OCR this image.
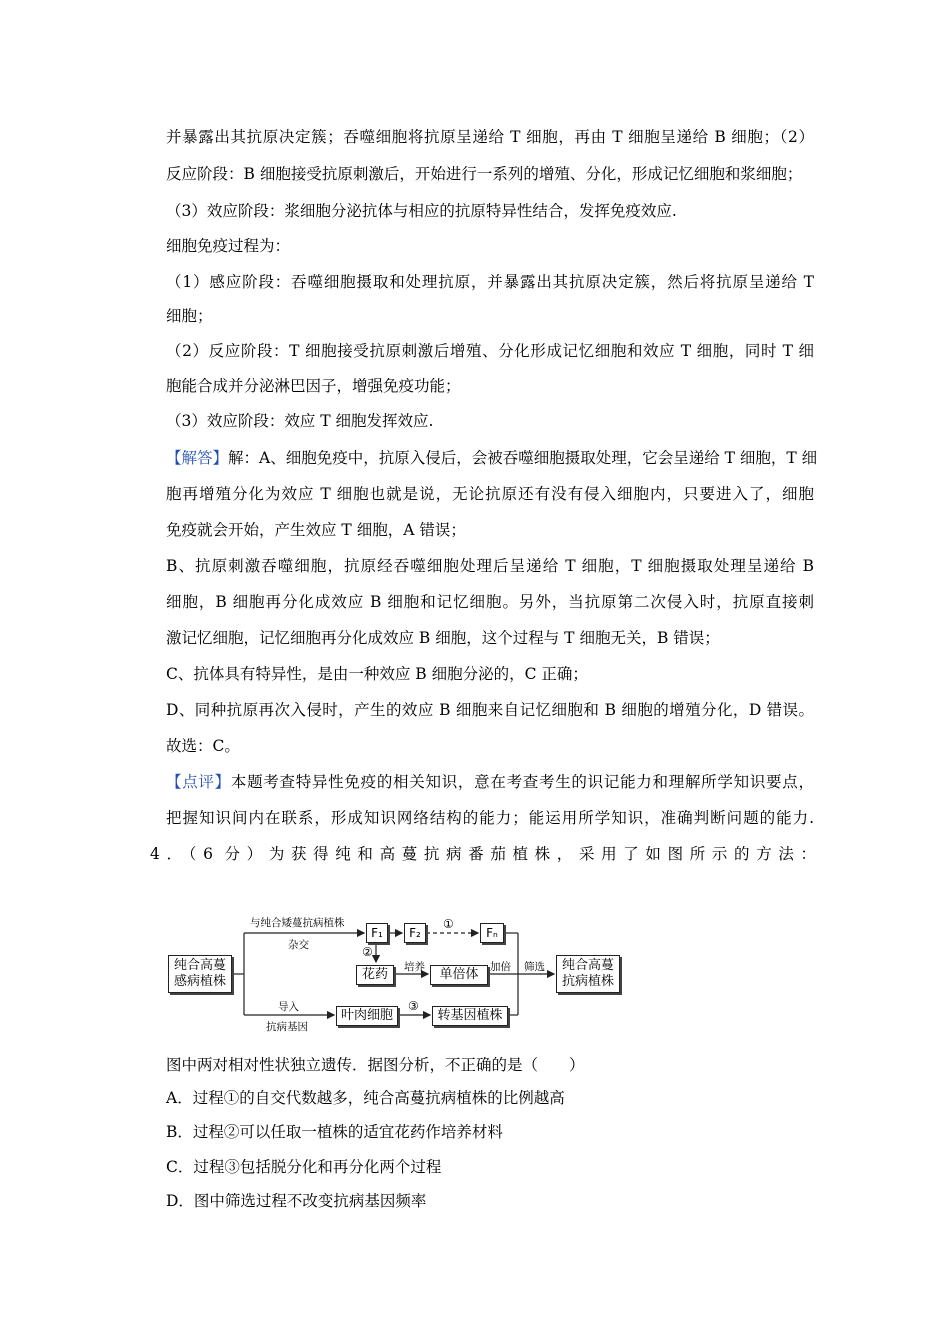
并暴露出其抗原决定簇；吞噬细胞将抗原呈递给 T 细胞，再由 T 细胞呈递给 B 细胞；（2）
反应阶段：B 细胞接受抗原刺激后，开始进行一系列的增殖、分化，形成记忆细胞和浆细胞；
（3）效应阶段：浆细胞分泌抗体与相应的抗原特异性结合，发挥免疫效应.
细胞免疫过程为：
（1）感应阶段：吞噬细胞摄取和处理抗原，并暴露出其抗原决定簇，然后将抗原呈递给 T
细胞；
（2）反应阶段：T 细胞接受抗原刺激后增殖、分化形成记忆细胞和效应 T 细胞，同时 T 细
胞能合成并分泌淋巴因子，增强免疫功能；
（3）效应阶段：效应 T 细胞发挥效应.
【解答】解：A、细胞免疫中，抗原入侵后，会被吞噬细胞摄取处理，它会呈递给 T 细胞，T 细
胞再增殖分化为效应 T 细胞也就是说，无论抗原还有没有侵入细胞内，只要进入了，细胞
免疫就会开始，产生效应 T 细胞，A 错误；
B、抗原刺激吞噬细胞，抗原经吞噬细胞处理后呈递给 T 细胞，T 细胞摄取处理呈递给 B
细胞，B 细胞再分化成效应 B 细胞和记忆细胞。另外，当抗原第二次侵入时，抗原直接刺
激记忆细胞，记忆细胞再分化成效应 B 细胞，这个过程与 T 细胞无关，B 错误；
C、抗体具有特异性，是由一种效应 B 细胞分泌的，C 正确；
D、同种抗原再次入侵时，产生的效应 B 细胞来自记忆细胞和 B 细胞的增殖分化，D 错误。
故选：C。
【点评】本题考查特异性免疫的相关知识，意在考查考生的识记能力和理解所学知识要点，
把握知识间内在联系，形成知识网络结构的能力；能运用所学知识，准确判断问题的能力.
4．（6 分）为获得纯和高蔓抗病番茄植株，采用了如图所示的方法：
纯合高蔓感病植株
与纯合矮蔓抗病植株
杂交
F₁	F₂
①
Fₙ
②
花药	培养	单倍体	加倍 筛选	纯合高蔓抗病植株
导入
抗病基因
叶肉细胞
③
转基因植株
图中两对相对性状独立遗传．据图分析，不正确的是（　　）
A．过程①的自交代数越多，纯合高蔓抗病植株的比例越高
B．过程②可以任取一植株的适宜花药作培养材料
C．过程③包括脱分化和再分化两个过程
D．图中筛选过程不改变抗病基因频率
